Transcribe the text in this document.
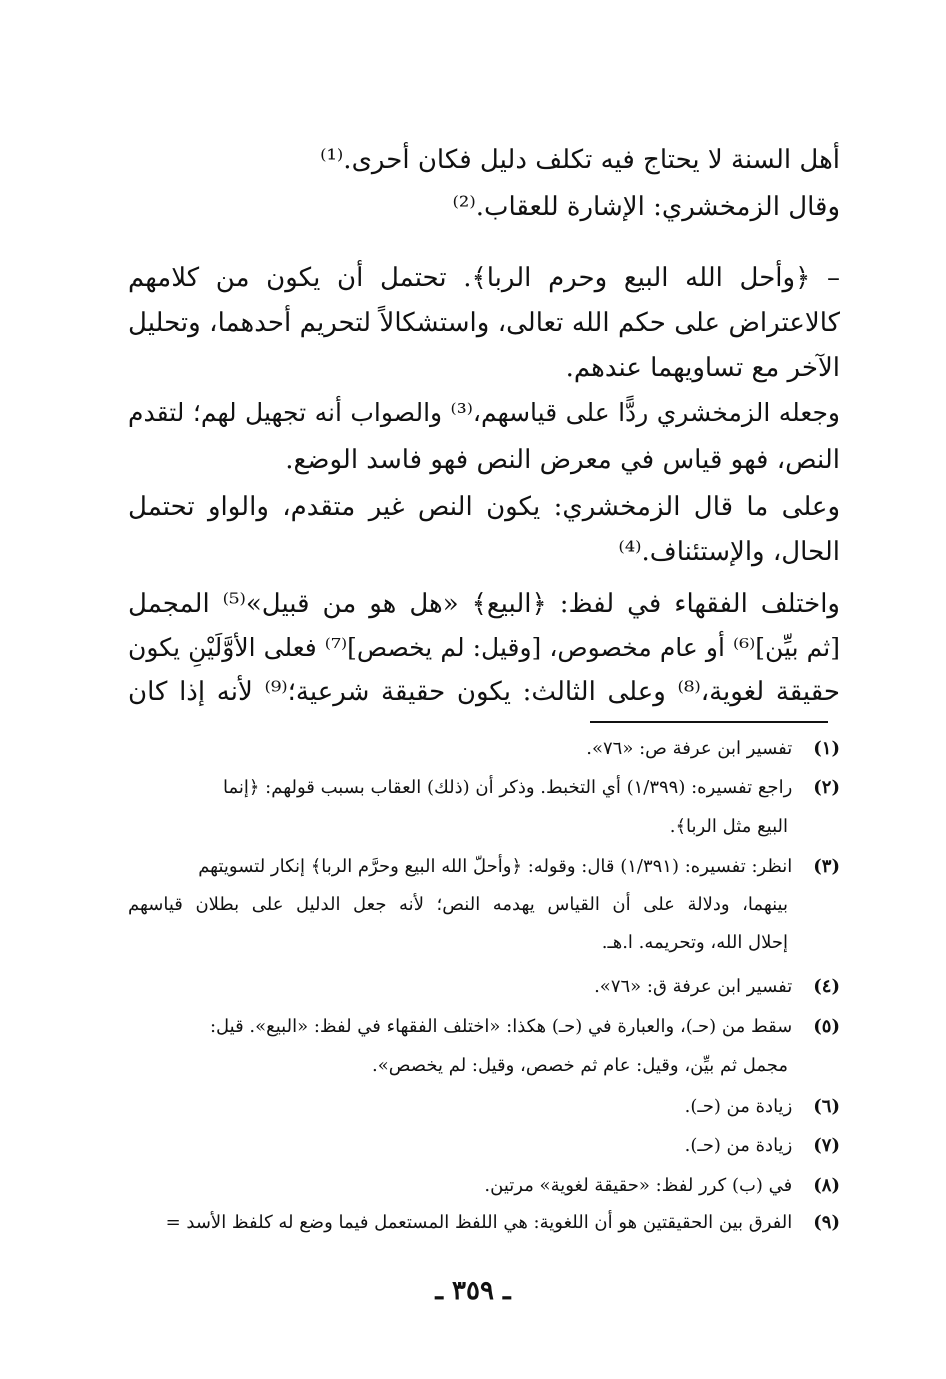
أهل السنة لا يحتاج فيه تكلف دليل فكان أحرى.⁽¹⁾
وقال الزمخشري: الإشارة للعقاب.⁽²⁾
– ﴿وأحل الله البيع وحرم الربا﴾. تحتمل أن يكون من كلامهم
كالاعتراض على حكم الله تعالى، واستشكالاً لتحريم أحدهما، وتحليل
الآخر مع تساويهما عندهم.
وجعله الزمخشري ردًّا على قياسهم،⁽³⁾ والصواب أنه تجهيل لهم؛ لتقدم
النص، فهو قياس في معرض النص فهو فاسد الوضع.
وعلى ما قال الزمخشري: يكون النص غير متقدم، والواو تحتمل
الحال، والإستئناف.⁽⁴⁾
واختلف الفقهاء في لفظ: ﴿البيع﴾ «هل هو من قبيل»⁽⁵⁾ المجمل
[ثم بيِّن]⁽⁶⁾ أو عام مخصوص، [وقيل: لم يخصص]⁽⁷⁾ فعلى الأوَّلَيْنِ يكون
حقيقة لغوية،⁽⁸⁾ وعلى الثالث: يكون حقيقة شرعية؛⁽⁹⁾ لأنه إذا كان
(١) تفسير ابن عرفة ص: «٧٦».
(٢) راجع تفسيره: (١/٣٩٩) أي التخبط. وذكر أن (ذلك) العقاب بسبب قولهم: ﴿إنما
البيع مثل الربا﴾.
(٣) انظر: تفسيره: (١/٣٩١) قال: وقوله: ﴿وأحلّ الله البيع وحرَّم الربا﴾ إنكار لتسويتهم
بينهما، ودلالة على أن القياس يهدمه النص؛ لأنه جعل الدليل على بطلان قياسهم
إحلال الله، وتحريمه. ا.هـ.
(٤) تفسير ابن عرفة ق: «٧٦».
(٥) سقط من (حـ)، والعبارة في (حـ) هكذا: «اختلف الفقهاء في لفظ: «البيع». قيل:
مجمل ثم بيِّن، وقيل: عام ثم خصص، وقيل: لم يخصص».
(٦) زيادة من (حـ).
(٧) زيادة من (حـ).
(٨) في (ب) كرر لفظ: «حقيقة لغوية» مرتين.
(٩) الفرق بين الحقيقتين هو أن اللغوية: هي اللفظ المستعمل فيما وضع له كلفظ الأسد =
ـ ٣٥٩ ـ
